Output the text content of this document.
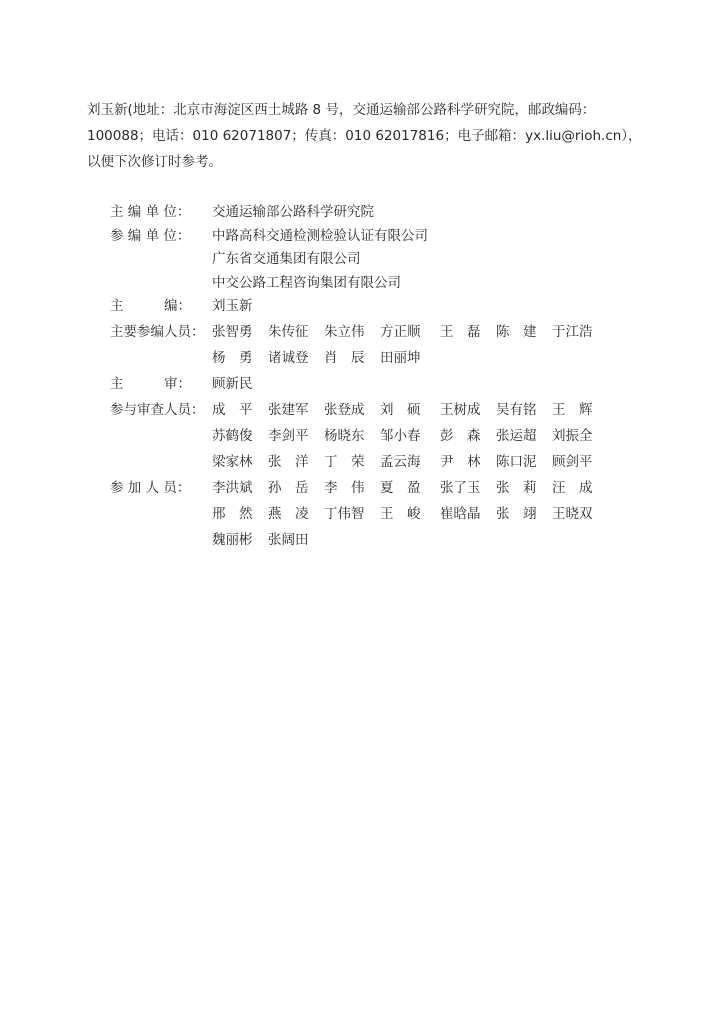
刘玉新(地址：北京市海淀区西土城路 8 号，交通运输部公路科学研究院，邮政编码：

100088；电话：010 62071807；传真：010 62017816；电子邮箱：yx.liu@rioh.cn），

以便下次修订时参考。

主 编 单 位：	交通运输部公路科学研究院
参 编 单 位：	中路高科交通检测检验认证有限公司
广东省交通集团有限公司
中交公路工程咨询集团有限公司
主　　　编：	刘玉新
主要参编人员： 张智勇	朱传征	朱立伟	方正顺	王　磊	陈　建	于江浩
杨　勇	诸诚登	肖　辰	田丽坤
主　　　审：	顾新民
参与审查人员： 成　平	张建军	张登成	刘　硕	王树成	吴有铭	王　辉
苏鹤俊	李剑平	杨晓东	邹小春	彭　森	张运超	刘振全
梁家林	张　洋	丁　荣	孟云海	尹　林	陈口泥	顾剑平
参 加 人 员：	李洪斌	孙　岳	李　伟	夏　盈	张了玉	张　莉	汪　成
邢　然	燕　凌	丁伟智	王　峻	崔晗晶	张　翊	王晓双
魏丽彬	张阔田
